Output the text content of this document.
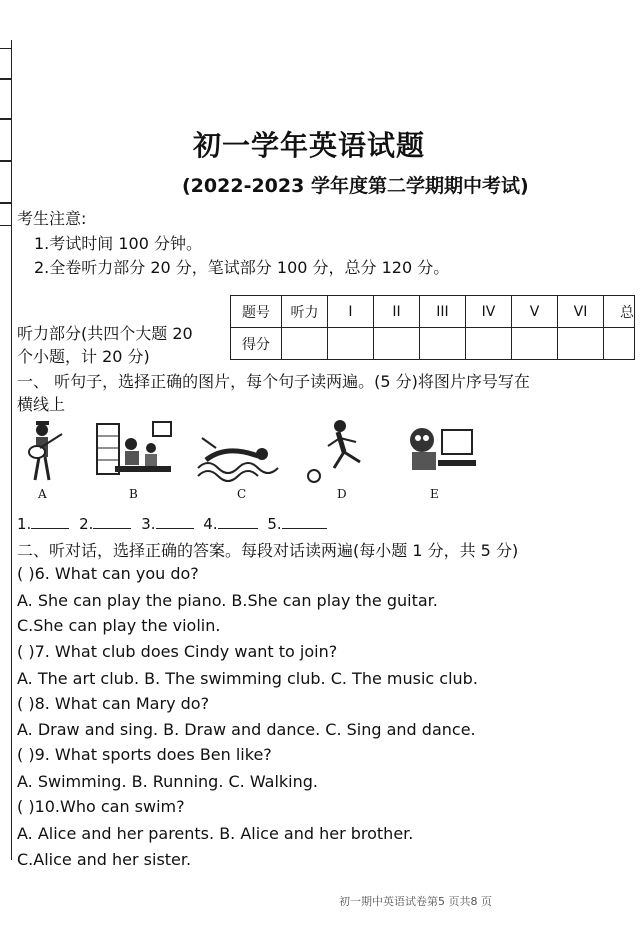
初一学年英语试题
(2022-2023 学年度第二学期期中考试)
考生注意:
1.考试时间 100 分钟。
2.全卷听力部分 20 分，笔试部分 100 分，总分 120 分。
题号	听力	I	II	III	IV	V	VI	总
得分								
听力部分(共四个大题 20
个小题，计 20 分)
一、 听句子，选择正确的图片，每个句子读两遍。(5 分)将图片序号写在
横线上
A	B	C	D	E
1.	2.	3.	4.	5.
二、听对话，选择正确的答案。每段对话读两遍(每小题 1 分，共 5 分)
( )6. What can you do?
A. She can play the piano. B.She can play the guitar.
C.She can play the violin.
( )7. What club does Cindy want to join?
A. The art club. B. The swimming club. C. The music club.
( )8. What can Mary do?
A. Draw and sing. B. Draw and dance. C. Sing and dance.
( )9. What sports does Ben like?
A. Swimming. B. Running. C. Walking.
( )10.Who can swim?
A. Alice and her parents. B. Alice and her brother.
C.Alice and her sister.
初一期中英语试卷第5 页共8 页
